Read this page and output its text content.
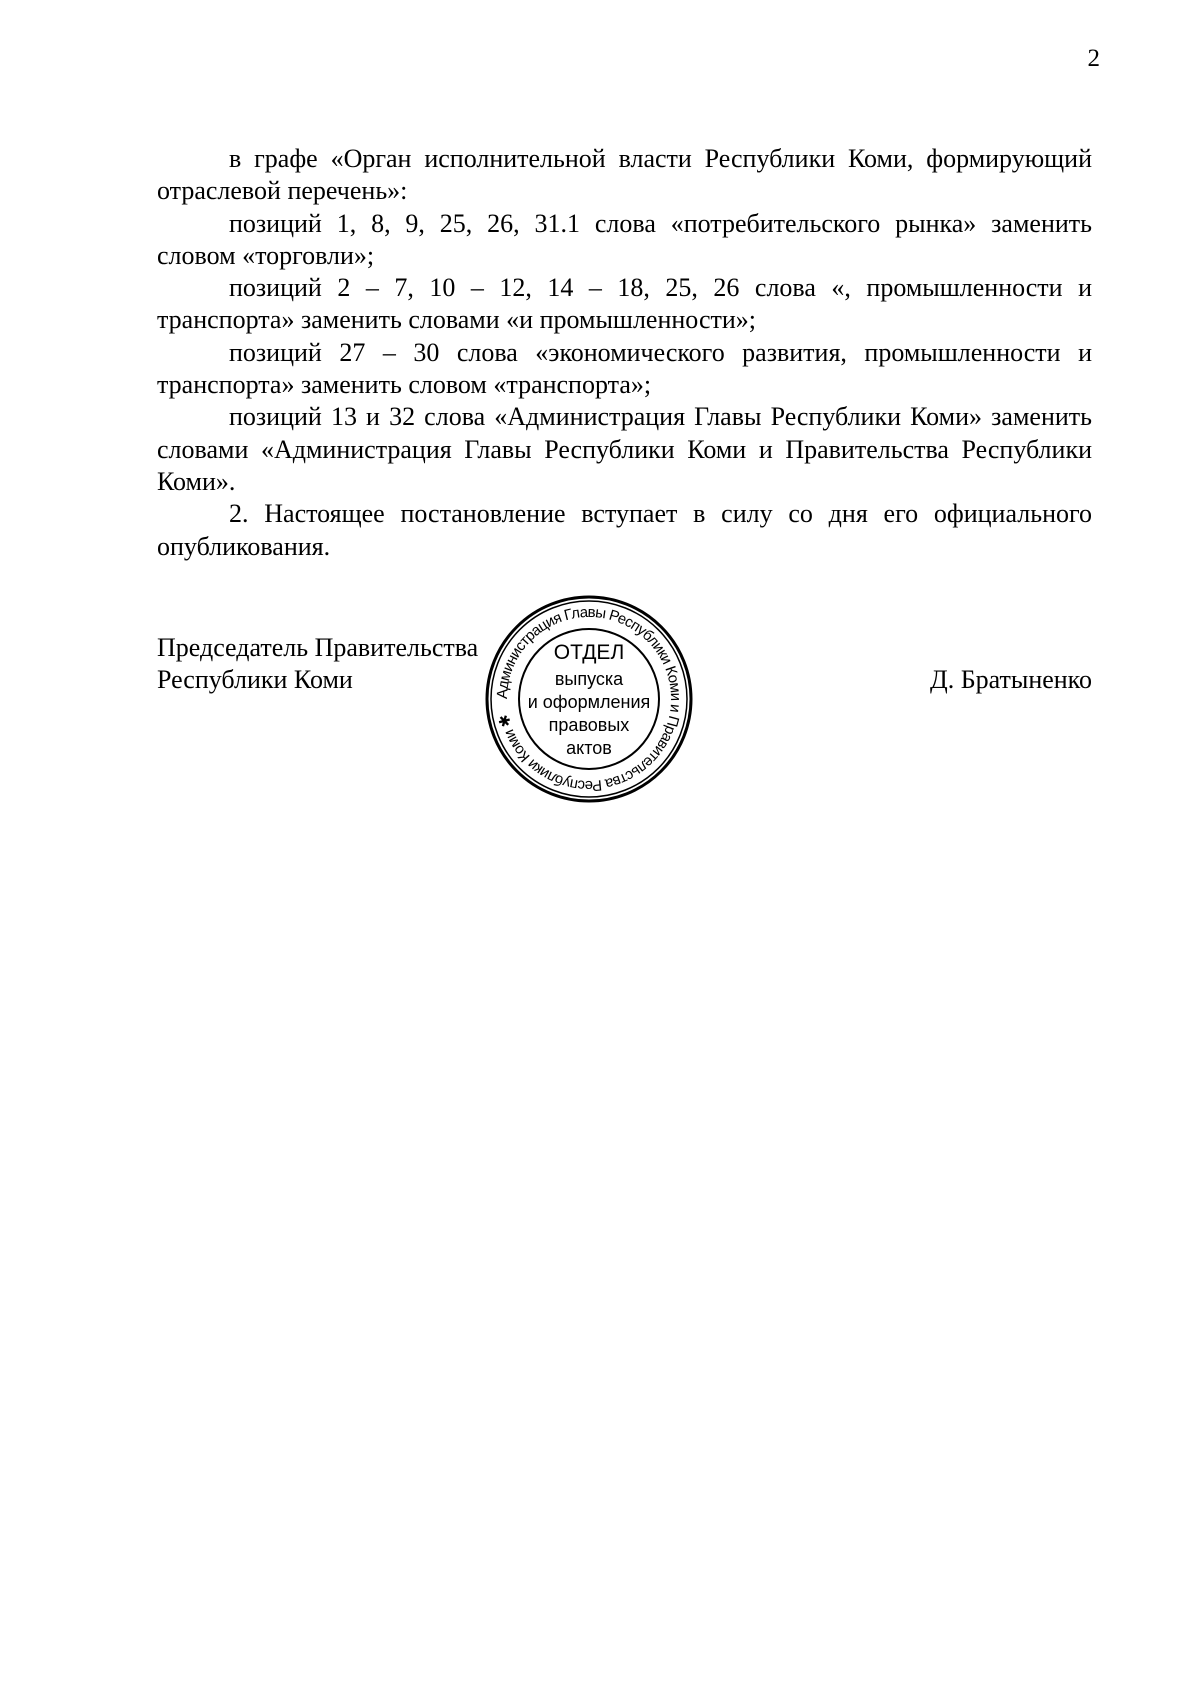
2

в графе «Орган исполнительной власти Республики Коми, формирующий отраслевой перечень»:

позиций 1, 8, 9, 25, 26, 31.1 слова «потребительского рынка» заменить словом «торговли»;

позиций 2 – 7, 10 – 12, 14 – 18, 25, 26 слова «, промышленности и транспорта» заменить словами «и промышленности»;

позиций 27 – 30 слова «экономического развития, промышленности и транспорта» заменить словом «транспорта»;

позиций 13 и 32 слова «Администрация Главы Республики Коми» заменить словами «Администрация Главы Республики Коми и Правительства Республики Коми».

2. Настоящее постановление вступает в силу со дня его официального опубликования.

Председатель Правительства
Республики Коми	Д. Братыненко
Администрация Главы Республики Коми и Правительства Республики Коми ✱
ОТДЕЛ
выпуска
и оформления
правовых
актов
